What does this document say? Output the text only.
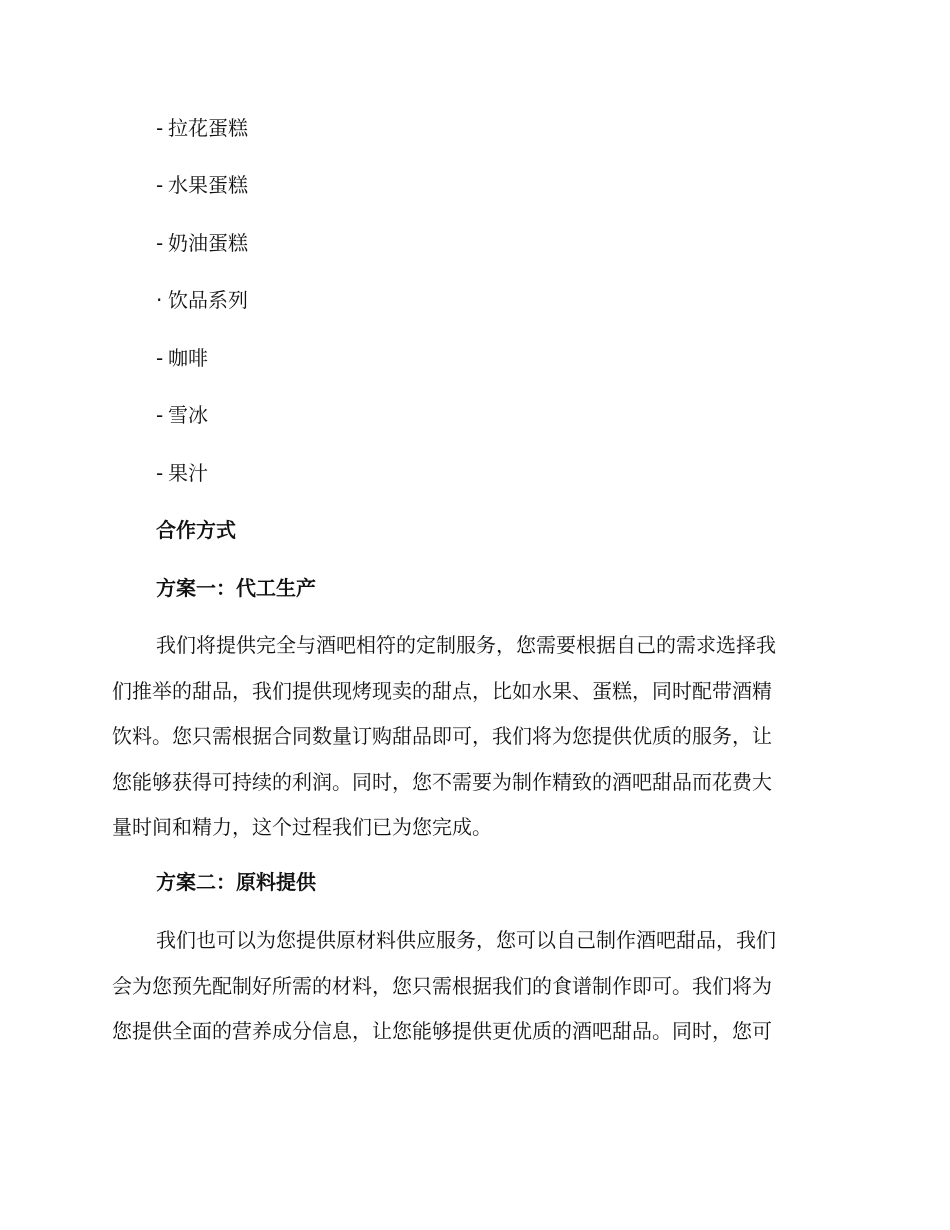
- 拉花蛋糕
- 水果蛋糕
- 奶油蛋糕
· 饮品系列
- 咖啡
- 雪冰
- 果汁
合作方式
方案一：代工生产
我们将提供完全与酒吧相符的定制服务，您需要根据自己的需求选择我
们推举的甜品，我们提供现烤现卖的甜点，比如水果、蛋糕，同时配带酒精
饮料。您只需根据合同数量订购甜品即可，我们将为您提供优质的服务，让
您能够获得可持续的利润。同时，您不需要为制作精致的酒吧甜品而花费大
量时间和精力，这个过程我们已为您完成。
方案二：原料提供
我们也可以为您提供原材料供应服务，您可以自己制作酒吧甜品，我们
会为您预先配制好所需的材料，您只需根据我们的食谱制作即可。我们将为
您提供全面的营养成分信息，让您能够提供更优质的酒吧甜品。同时，您可
